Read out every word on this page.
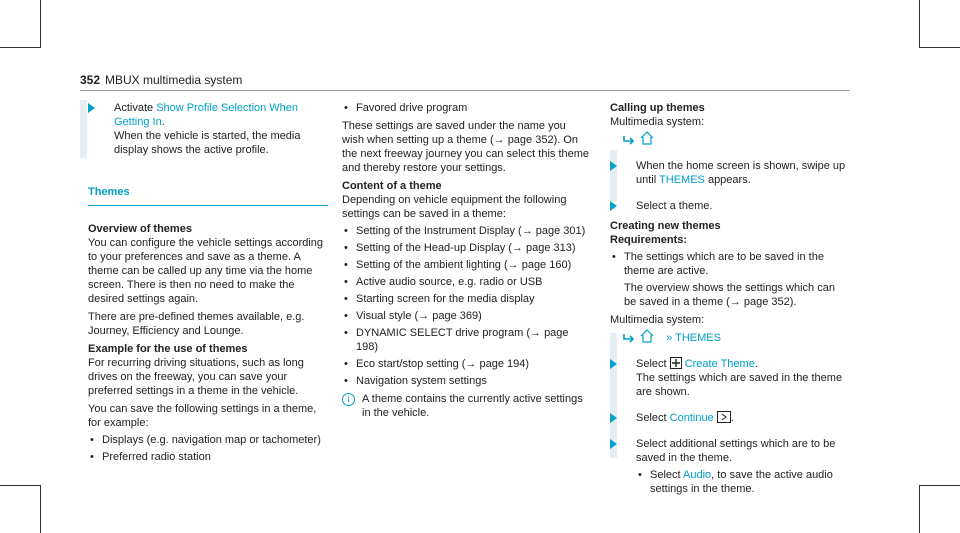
352 MBUX multimedia system
Activate Show Profile Selection When Getting In.

When the vehicle is started, the media display shows the active profile.

Themes

Overview of themes

You can configure the vehicle settings according to your preferences and save as a theme. A theme can be called up any time via the home screen. There is then no need to make the desired settings again.

There are pre-defined themes available, e.g. Journey, Efficiency and Lounge.

Example for the use of themes

For recurring driving situations, such as long drives on the freeway, you can save your preferred settings in a theme in the vehicle.

You can save the following settings in a theme, for example:

• Displays (e.g. navigation map or tachometer)
• Preferred radio station
• Favored drive program

These settings are saved under the name you wish when setting up a theme (→ page 352). On the next freeway journey you can select this theme and thereby restore your settings.

Content of a theme

Depending on vehicle equipment the following settings can be saved in a theme:

• Setting of the Instrument Display (→ page 301)
• Setting of the Head-up Display (→ page 313)
• Setting of the ambient lighting (→ page 160)
• Active audio source, e.g. radio or USB
• Starting screen for the media display
• Visual style (→ page 369)
• DYNAMIC SELECT drive program (→ page 198)
• Eco start/stop setting (→ page 194)
• Navigation system settings
i	A theme contains the currently active settings in the vehicle.

Calling up themes

Multimedia system:

When the home screen is shown, swipe up until THEMES appears.
Select a theme.

Creating new themes

Requirements:

• The settings which are to be saved in the theme are active.

The overview shows the settings which can be saved in a theme (→ page 352).

Multimedia system:

» THEMES
Select  Create Theme.

The settings which are saved in the theme are shown.

Select Continue .
Select additional settings which are to be saved in the theme.
• Select Audio, to save the active audio settings in the theme.
